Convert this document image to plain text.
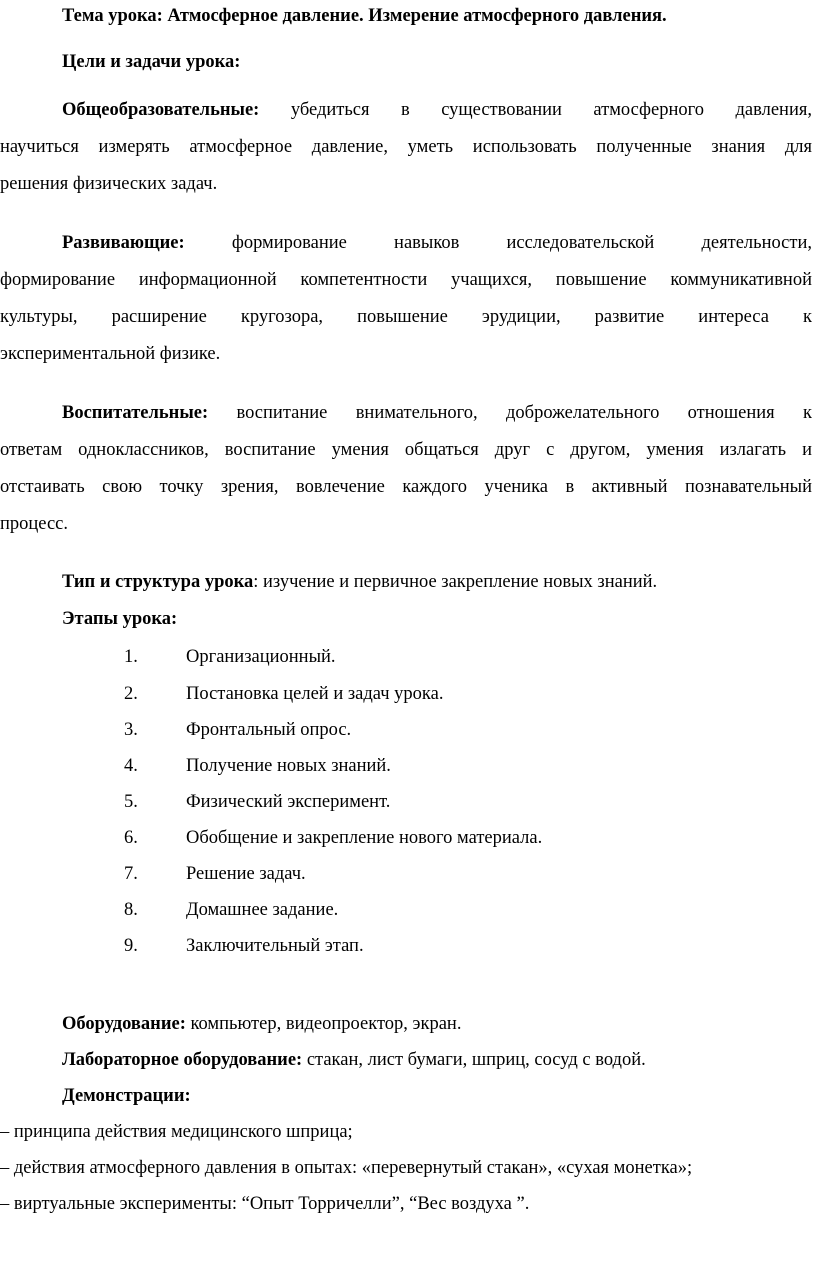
Тема урока: Атмосферное давление. Измерение атмосферного давления.
Цели и задачи урока:
Общеобразовательные: убедиться в существовании атмосферного давления,
научиться измерять атмосферное давление, уметь использовать полученные знания для
решения физических задач.
Развивающие:	формирование навыков исследовательской деятельности,
формирование информационной компетентности учащихся, повышение коммуникативной
культуры, расширение кругозора, повышение эрудиции, развитие интереса к
экспериментальной физике.
Воспитательные: воспитание внимательного, доброжелательного отношения к
ответам одноклассников, воспитание умения общаться друг с другом, умения излагать и
отстаивать свою точку зрения, вовлечение каждого ученика в активный познавательный
процесс.
Тип и структура урока: изучение и первичное закрепление новых знаний.
Этапы урока:
1.	Организационный.
2.	Постановка целей и задач урока.
3.	Фронтальный опрос.
4.	Получение новых знаний.
5.	Физический эксперимент.
6.	Обобщение и закрепление нового материала.
7.	Решение задач.
8.	Домашнее задание.
9.	Заключительный этап.
Оборудование: компьютер, видеопроектор, экран.
Лабораторное оборудование: стакан, лист бумаги, шприц, сосуд с водой.
Демонстрации:
– принципа действия медицинского шприца;
– действия атмосферного давления в опытах: «перевернутый стакан», «сухая монетка»;
– виртуальные эксперименты: “Опыт Торричелли”, “Вес воздуха ”.
